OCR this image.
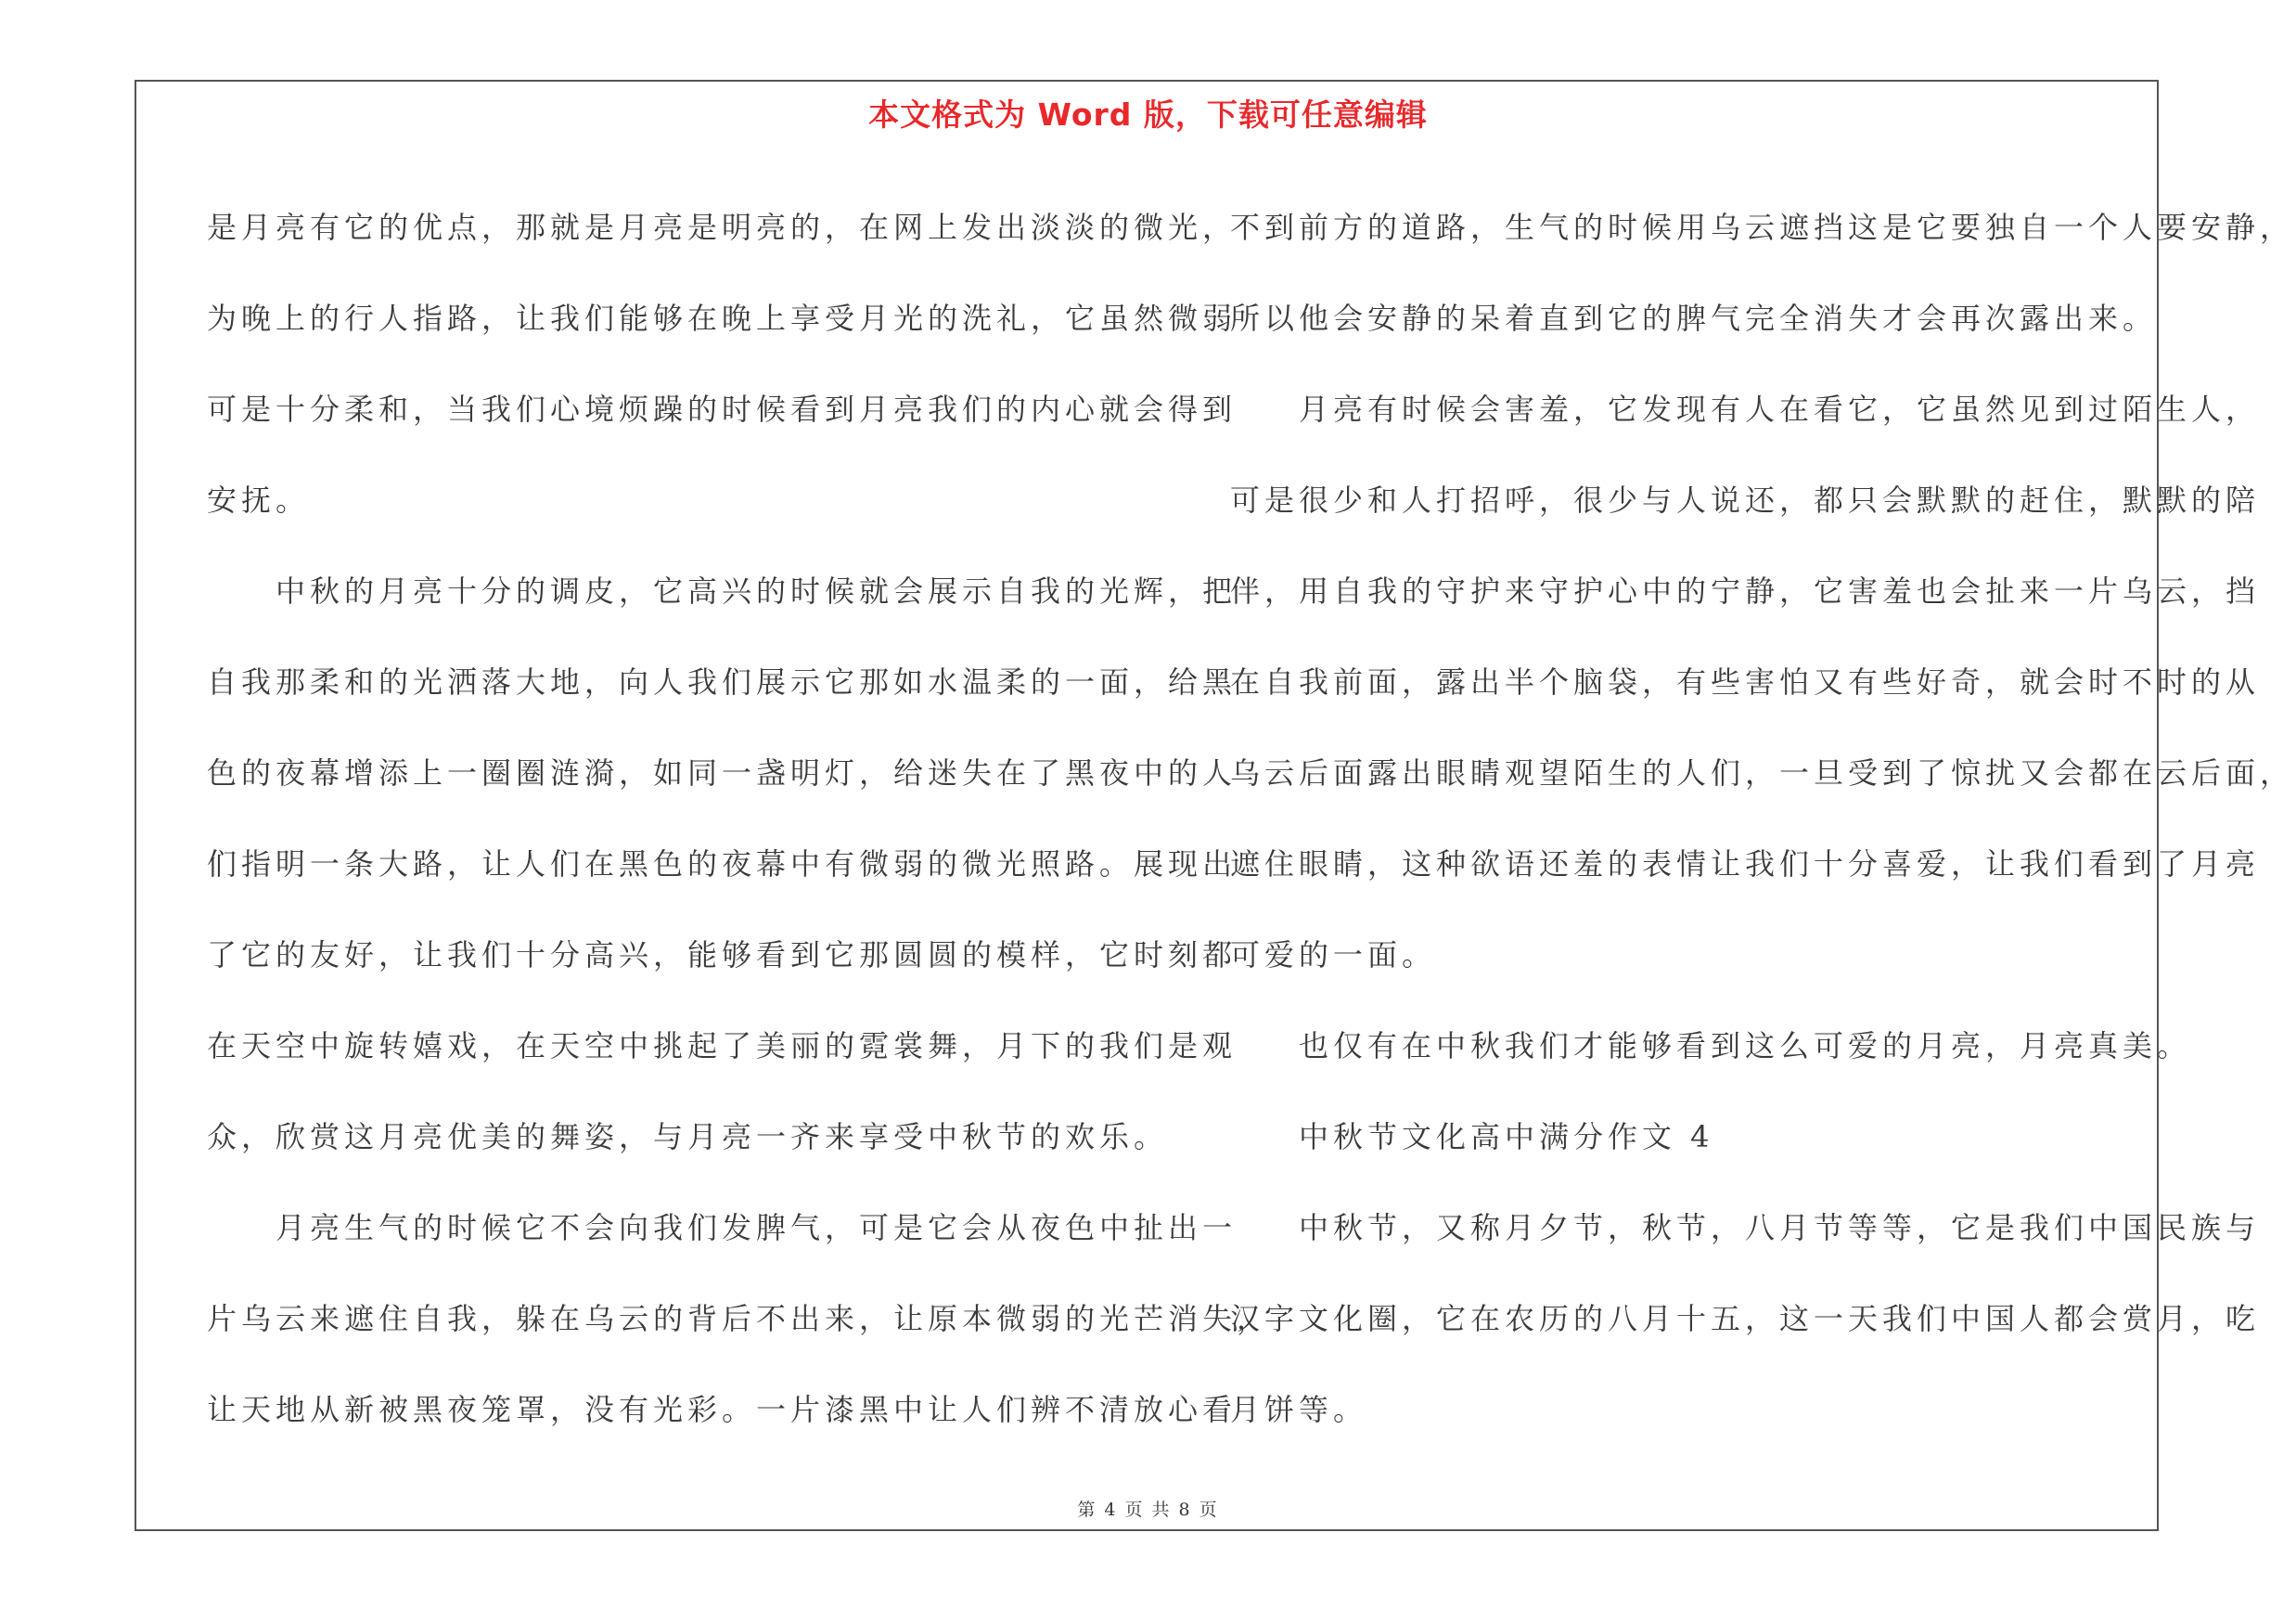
本文格式为 Word 版，下载可任意编辑
是月亮有它的优点，那就是月亮是明亮的，在网上发出淡淡的微光，
为晚上的行人指路，让我们能够在晚上享受月光的洗礼，它虽然微弱
可是十分柔和，当我们心境烦躁的时候看到月亮我们的内心就会得到
安抚。
　　中秋的月亮十分的调皮，它高兴的时候就会展示自我的光辉，把
自我那柔和的光洒落大地，向人我们展示它那如水温柔的一面，给黑
色的夜幕增添上一圈圈涟漪，如同一盏明灯，给迷失在了黑夜中的人
们指明一条大路，让人们在黑色的夜幕中有微弱的微光照路。展现出
了它的友好，让我们十分高兴，能够看到它那圆圆的模样，它时刻都
在天空中旋转嬉戏，在天空中挑起了美丽的霓裳舞，月下的我们是观
众，欣赏这月亮优美的舞姿，与月亮一齐来享受中秋节的欢乐。
　　月亮生气的时候它不会向我们发脾气，可是它会从夜色中扯出一
片乌云来遮住自我，躲在乌云的背后不出来，让原本微弱的光芒消失，
让天地从新被黑夜笼罩，没有光彩。一片漆黑中让人们辨不清放心看
不到前方的道路，生气的时候用乌云遮挡这是它要独自一个人要安静，
所以他会安静的呆着直到它的脾气完全消失才会再次露出来。
　　月亮有时候会害羞，它发现有人在看它，它虽然见到过陌生人，
可是很少和人打招呼，很少与人说还，都只会默默的赶住，默默的陪
伴，用自我的守护来守护心中的宁静，它害羞也会扯来一片乌云，挡
在自我前面，露出半个脑袋，有些害怕又有些好奇，就会时不时的从
乌云后面露出眼睛观望陌生的人们，一旦受到了惊扰又会都在云后面，
遮住眼睛，这种欲语还羞的表情让我们十分喜爱，让我们看到了月亮
可爱的一面。
　　也仅有在中秋我们才能够看到这么可爱的月亮，月亮真美。
　　中秋节文化高中满分作文 4
　　中秋节，又称月夕节，秋节，八月节等等，它是我们中国民族与
汉字文化圈，它在农历的八月十五，这一天我们中国人都会赏月，吃
月饼等。
第 4 页 共 8 页
